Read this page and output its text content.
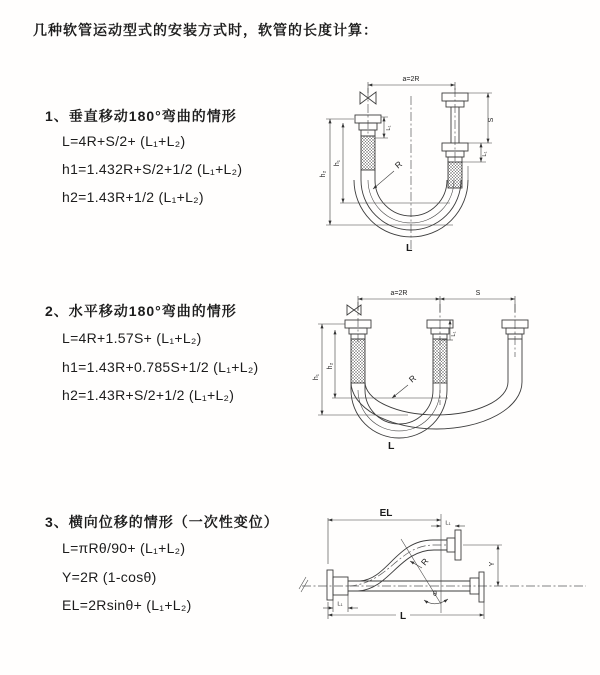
几种软管运动型式的安装方式时，软管的长度计算：
1、垂直移动180°弯曲的情形
L=4R+S/2+ (L₁+L₂)
h1=1.432R+S/2+1/2 (L₁+L₂)
h2=1.43R+1/2 (L₁+L₂)
a=2R
h₂
h₁
L₁
S
L₁
R
L
2、水平移动180°弯曲的情形
L=4R+1.57S+ (L₁+L₂)
h1=1.43R+0.785S+1/2 (L₁+L₂)
h2=1.43R+S/2+1/2 (L₁+L₂)
a=2R	S
h₁
h₂
L₁
R
L
3、横向位移的情形（一次性变位）
L=πRθ/90+ (L₁+L₂)
Y=2R (1-cosθ)
EL=2Rsinθ+ (L₁+L₂)
θ
R
EL
L₁
Y
L
L₁
